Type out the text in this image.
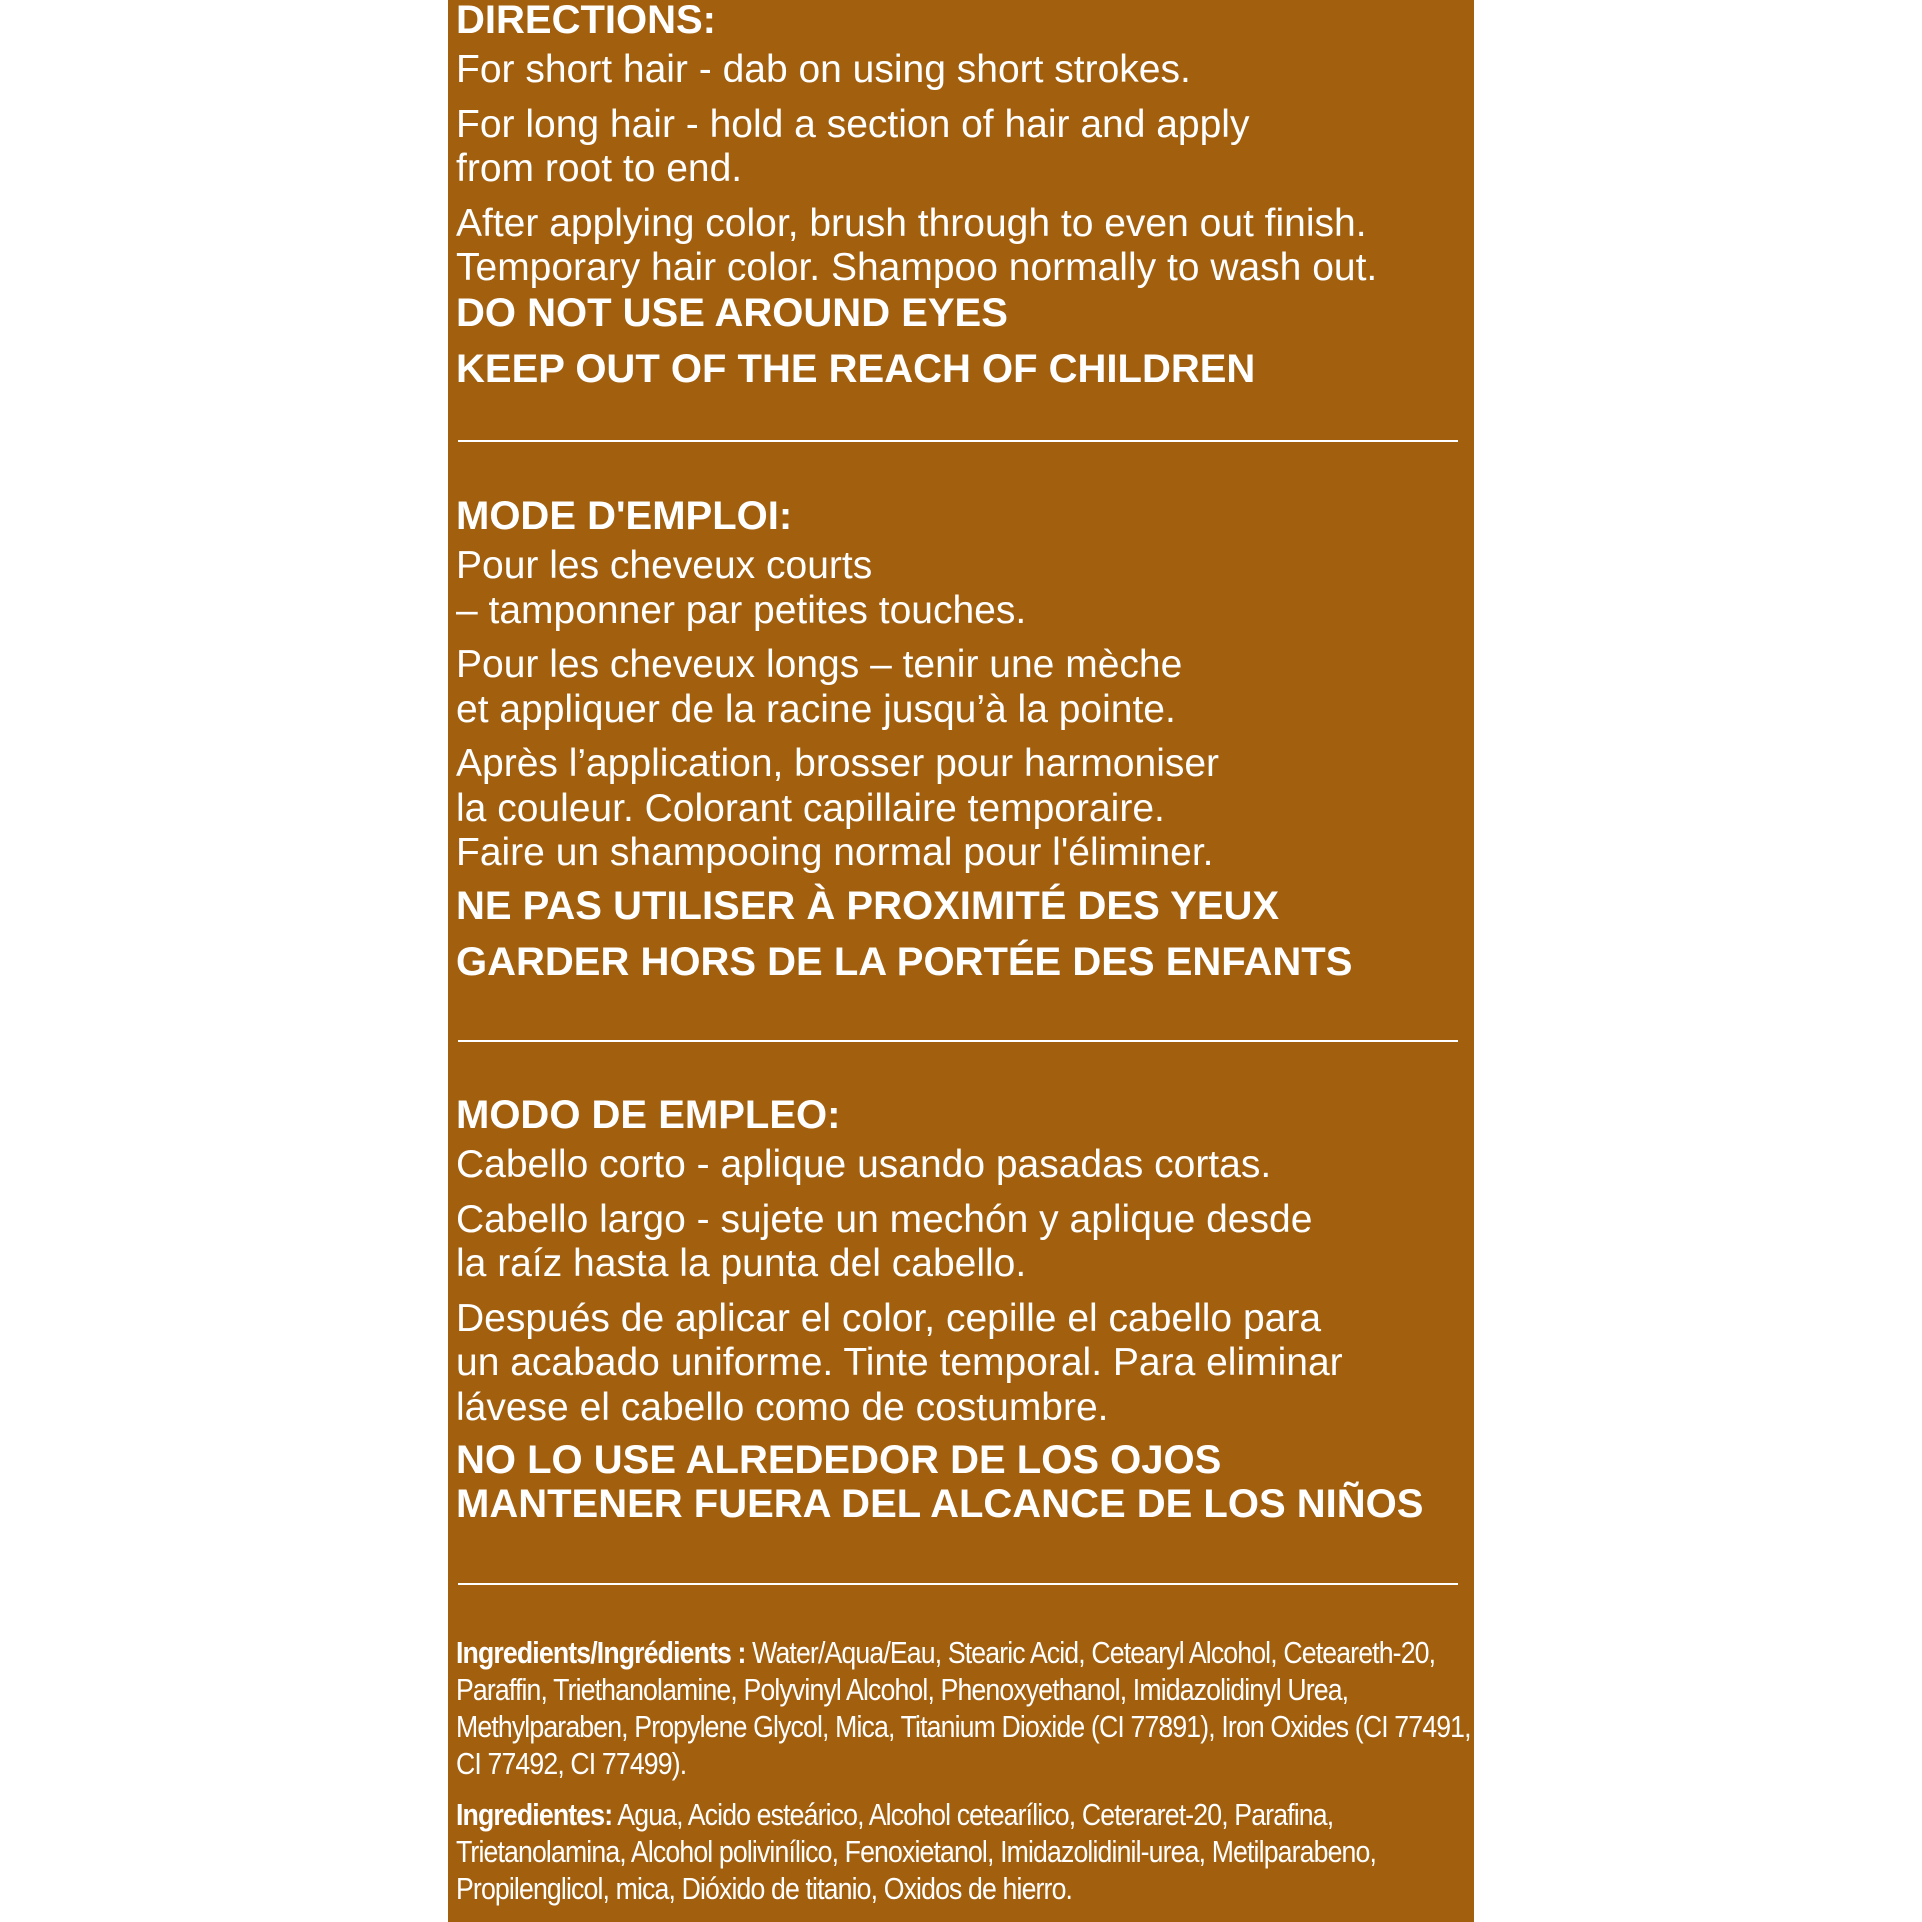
DIRECTIONS:
For short hair - dab on using short strokes.
For long hair - hold a section of hair and apply
from root to end.
After applying color, brush through to even out finish.
Temporary hair color. Shampoo normally to wash out.
DO NOT USE AROUND EYES
KEEP OUT OF THE REACH OF CHILDREN
MODE D'EMPLOI:
Pour les cheveux courts
– tamponner par petites touches.
Pour les cheveux longs – tenir une mèche
et appliquer de la racine jusqu’à la pointe.
Après l’application, brosser pour harmoniser
la couleur. Colorant capillaire temporaire.
Faire un shampooing normal pour l'éliminer.
NE PAS UTILISER À PROXIMITÉ DES YEUX
GARDER HORS DE LA PORTÉE DES ENFANTS
MODO DE EMPLEO:
Cabello corto - aplique usando pasadas cortas.
Cabello largo - sujete un mechón y aplique desde
la raíz hasta la punta del cabello.
Después de aplicar el color, cepille el cabello para
un acabado uniforme. Tinte temporal. Para eliminar
lávese el cabello como de costumbre.
NO LO USE ALREDEDOR DE LOS OJOS
MANTENER FUERA DEL ALCANCE DE LOS NIÑOS

Ingredients/Ingrédients : Water/Aqua/Eau, Stearic Acid, Cetearyl Alcohol, Ceteareth-20, Paraffin, Triethanolamine, Polyvinyl Alcohol, Phenoxyethanol, Imidazolidinyl Urea, Methylparaben, Propylene Glycol, Mica, Titanium Dioxide (CI 77891), Iron Oxides (CI 77491, CI 77492, CI 77499).

Ingredientes: Agua, Acido esteárico, Alcohol cetearílico, Ceteraret-20, Parafina, Trietanolamina, Alcohol polivinílico, Fenoxietanol, Imidazolidinil-urea, Metilparabeno, Propilenglicol, mica, Dióxido de titanio, Oxidos de hierro.
